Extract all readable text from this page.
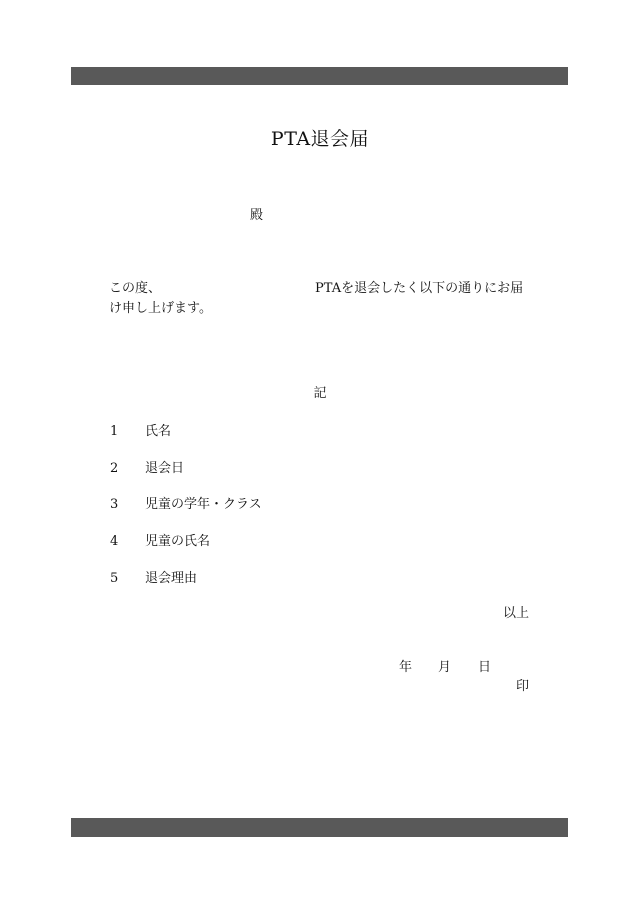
PTA退会届
殿
この度、	PTAを退会したく以下の通りにお届
け申し上げます。
記
1 氏名
2 退会日
3 児童の学年・クラス
4 児童の氏名
5 退会理由
以上
年 月 日
印
